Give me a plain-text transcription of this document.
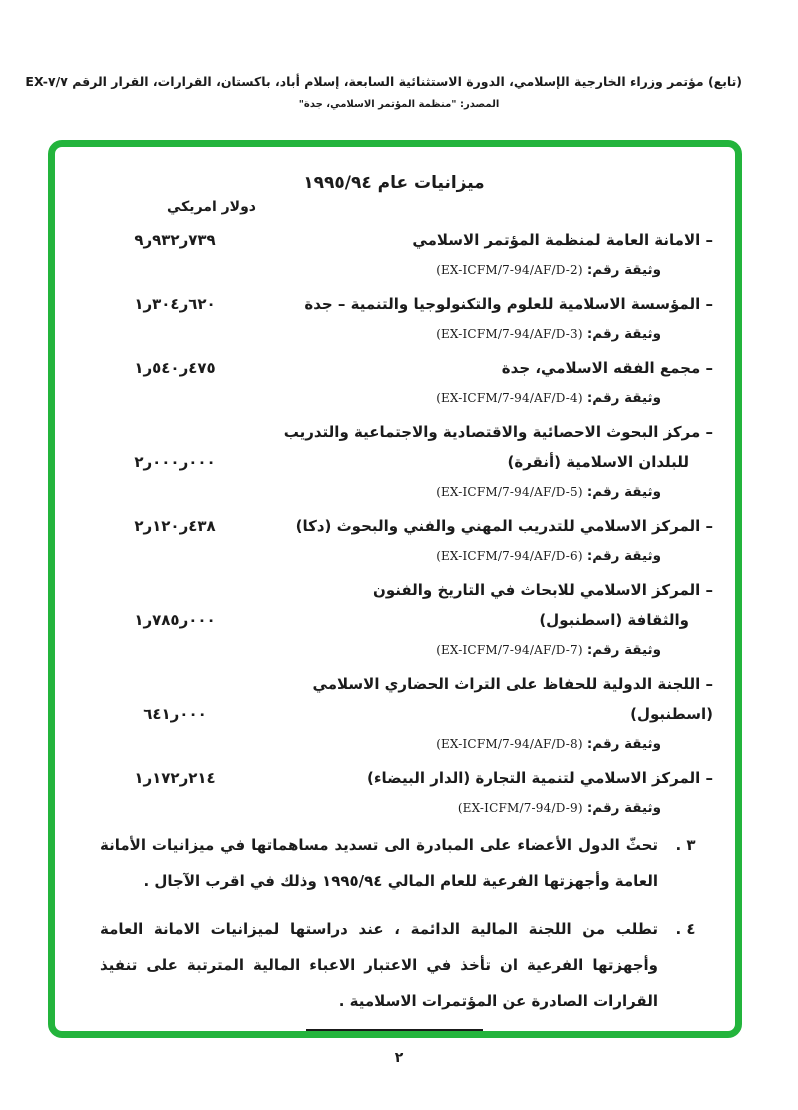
(تابع) مؤتمر وزراء الخارجية الإسلامي، الدورة الاستثنائية السابعة، إسلام أباد، باكستان، القرارات، القرار الرقم EX-٧/٧
المصدر: "منظمة المؤتمر الاسلامي، جدة"
ميزانيات عام ١٩٩٥/٩٤
دولار امريكي
– الامانة العامة لمنظمة المؤتمر الاسلامي
٩ر٩٣٢ر٧٣٩
وثيقة رقم: (EX-ICFM/7-94/AF/D-2)
– المؤسسة الاسلامية للعلوم والتكنولوجيا والتنمية – جدة
١ر٣٠٤ر٦٢٠
وثيقة رقم: (EX-ICFM/7-94/AF/D-3)
– مجمع الفقه الاسلامي، جدة
١ر٥٤٠ر٤٧٥
وثيقة رقم: (EX-ICFM/7-94/AF/D-4)
– مركز البحوث الاحصائية والاقتصادية والاجتماعية والتدريب
للبلدان الاسلامية (أنقرة)
٢ر٠٠٠ر٠٠٠
وثيقة رقم: (EX-ICFM/7-94/AF/D-5)
– المركز الاسلامي للتدريب المهني والفني والبحوث (دكا)
٢ر١٢٠ر٤٣٨
وثيقة رقم: (EX-ICFM/7-94/AF/D-6)
– المركز الاسلامي للابحاث في التاريخ والفنون
والثقافة (اسطنبول)
١ر٧٨٥ر٠٠٠
وثيقة رقم: (EX-ICFM/7-94/AF/D-7)
– اللجنة الدولية للحفاظ على التراث الحضاري الاسلامي (اسطنبول)
٦٤١ر٠٠٠
وثيقة رقم: (EX-ICFM/7-94/AF/D-8)
– المركز الاسلامي لتنمية التجارة (الدار البيضاء)
١ر١٧٢ر٢١٤
وثيقة رقم: (EX-ICFM/7-94/D-9)
٣ .
تحثّ الدول الأعضاء على المبادرة الى تسديد مساهماتها في ميزانيات الأمانة العامة وأجهزتها الفرعية للعام المالي ١٩٩٥/٩٤ وذلك في اقرب الآجال .
٤ .
تطلب من اللجنة المالية الدائمة ، عند دراستها لميزانيات الامانة العامة وأجهزتها الفرعية ان تأخذ في الاعتبار الاعباء المالية المترتبة على تنفيذ القرارات الصادرة عن المؤتمرات الاسلامية .
٢
